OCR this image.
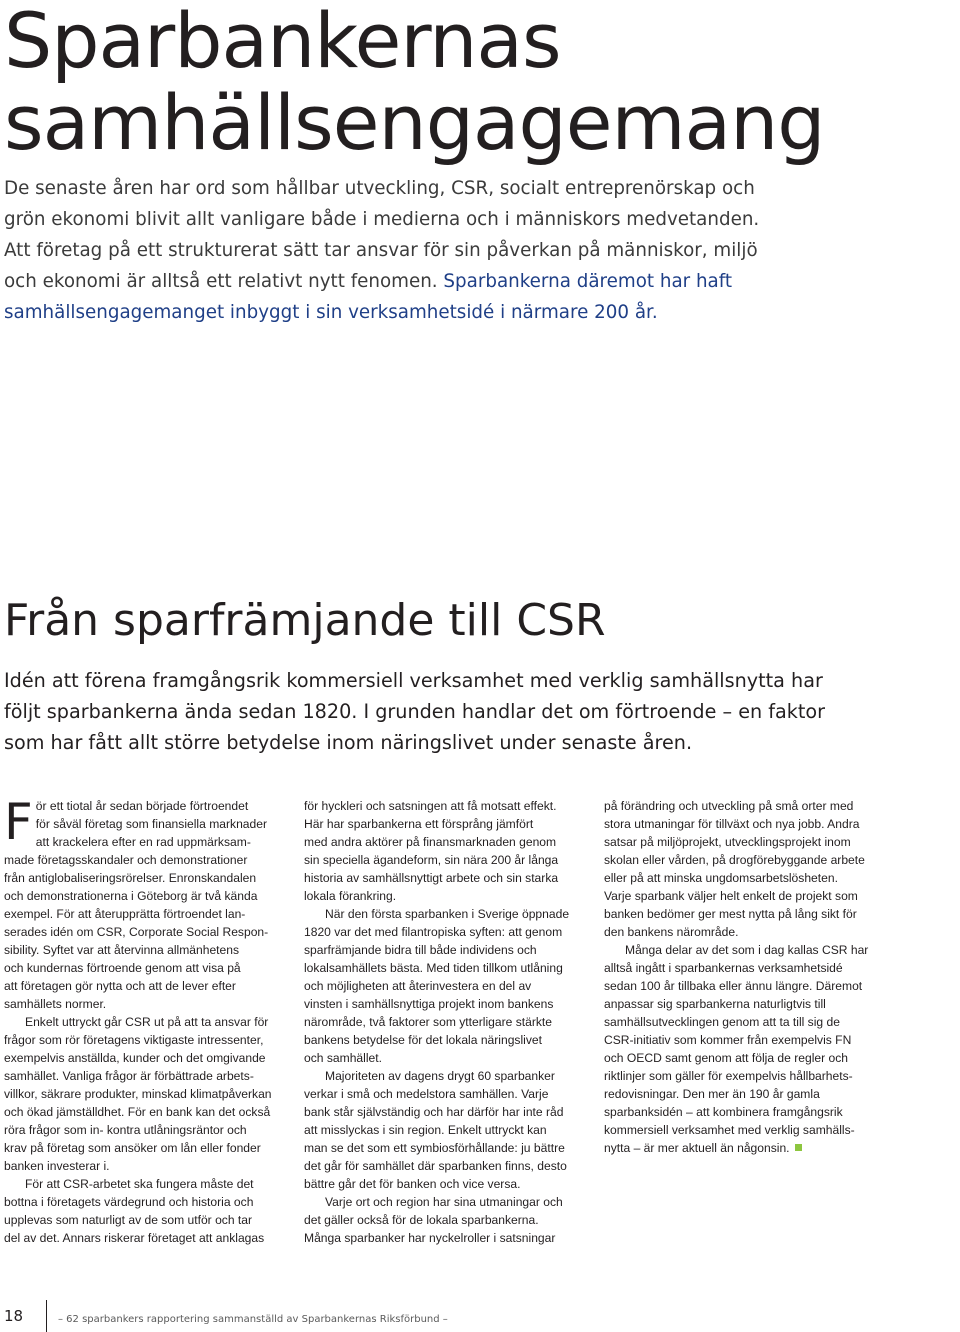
Sparbankernas
samhällsengagemang

De senaste åren har ord som hållbar utveckling, CSR, socialt entreprenörskap och
grön ekonomi blivit allt vanligare både i medierna och i människors medvetanden.
Att företag på ett strukturerat sätt tar ansvar för sin påverkan på människor, miljö
och ekonomi är alltså ett relativt nytt fenomen. Sparbankerna däremot har haft
samhällsengagemanget inbyggt i sin verksamhetsidé i närmare 200 år.

Från sparfrämjande till CSR

Idén att förena framgångsrik kommersiell verksamhet med verklig samhällsnytta har
följt sparbankerna ända sedan 1820. I grunden handlar det om förtroende – en faktor
som har fått allt större betydelse inom näringslivet under senaste åren.

F ör ett tiotal år sedan började förtroendet
för såväl företag som finansiella marknader
att krackelera efter en rad uppmärksam-
made företagsskandaler och demonstrationer
från antiglobaliseringsrörelser. Enronskandalen
och demonstrationerna i Göteborg är två kända
exempel. För att återupprätta förtroendet lan-
serades idén om CSR, Corporate Social Respon-
sibility. Syftet var att återvinna allmänhetens
och kundernas förtroende genom att visa på
att företagen gör nytta och att de lever efter
samhällets normer.
Enkelt uttryckt går CSR ut på att ta ansvar för
frågor som rör företagens viktigaste intressenter,
exempelvis anställda, kunder och det omgivande
samhället. Vanliga frågor är förbättrade arbets-
villkor, säkrare produkter, minskad klimatpåverkan
och ökad jämställdhet. För en bank kan det också
röra frågor som in- kontra utlåningsräntor och
krav på företag som ansöker om lån eller fonder
banken investerar i.
För att CSR-arbetet ska fungera måste det
bottna i företagets värdegrund och historia och
upplevas som naturligt av de som utför och tar
del av det. Annars riskerar företaget att anklagas
för hyckleri och satsningen att få motsatt effekt.
Här har sparbankerna ett försprång jämfört
med andra aktörer på finansmarknaden genom
sin speciella ägandeform, sin nära 200 år långa
historia av samhällsnyttigt arbete och sin starka
lokala förankring.
När den första sparbanken i Sverige öppnade
1820 var det med filantropiska syften: att genom
sparfrämjande bidra till både individens och
lokalsamhällets bästa. Med tiden tillkom utlåning
och möjligheten att återinvestera en del av
vinsten i samhällsnyttiga projekt inom bankens
närområde, två faktorer som ytterligare stärkte
bankens betydelse för det lokala näringslivet
och samhället.
Majoriteten av dagens drygt 60 sparbanker
verkar i små och medelstora samhällen. Varje
bank står självständig och har därför har inte råd
att misslyckas i sin region. Enkelt uttryckt kan
man se det som ett symbiosförhållande: ju bättre
det går för samhället där sparbanken finns, desto
bättre går det för banken och vice versa.
Varje ort och region har sina utmaningar och
det gäller också för de lokala sparbankerna.
Många sparbanker har nyckelroller i satsningar
på förändring och utveckling på små orter med
stora utmaningar för tillväxt och nya jobb. Andra
satsar på miljöprojekt, utvecklingsprojekt inom
skolan eller vården, på drogförebyggande arbete
eller på att minska ungdomsarbetslösheten.
Varje sparbank väljer helt enkelt de projekt som
banken bedömer ger mest nytta på lång sikt för
den bankens närområde.
Många delar av det som i dag kallas CSR har
alltså ingått i sparbankernas verksamhetsidé
sedan 100 år tillbaka eller ännu längre. Däremot
anpassar sig sparbankerna naturligtvis till
samhällsutvecklingen genom att ta till sig de
CSR-initiativ som kommer från exempelvis FN
och OECD samt genom att följa de regler och
riktlinjer som gäller för exempelvis hållbarhets-
redovisningar. Den mer än 190 år gamla
sparbanksidén – att kombinera framgångsrik
kommersiell verksamhet med verklig samhälls-
nytta – är mer aktuell än någonsin.
18	– 62 sparbankers rapportering sammanställd av Sparbankernas Riksförbund –
